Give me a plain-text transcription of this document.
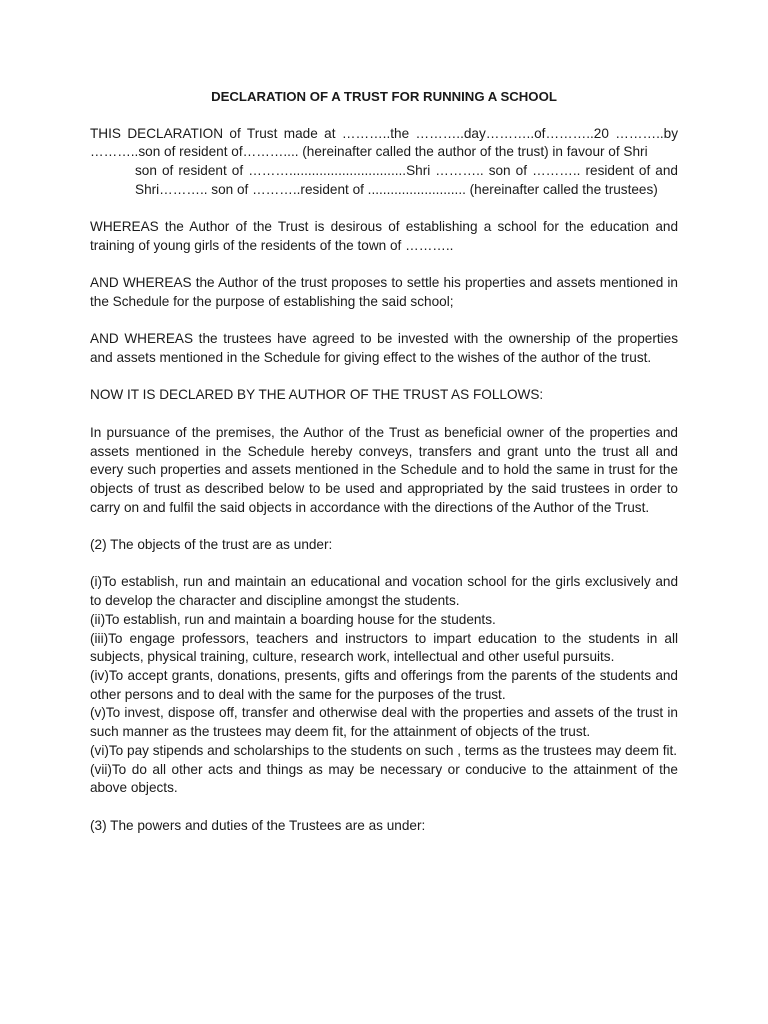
DECLARATION OF A TRUST FOR RUNNING A SCHOOL

THIS DECLARATION of Trust made at ………..the ………..day………..of………..20 ………..by ………..son of resident of……….... (hereinafter called the author of the trust) in favour of Shri

son of resident of ………...............................Shri ……….. son of ……….. resident of and Shri……….. son of ………..resident of .......................... (hereinafter called the trustees)

WHEREAS the Author of the Trust is desirous of establishing a school for the education and training of young girls of the residents of the town of ………..

AND WHEREAS the Author of the trust proposes to settle his properties and assets mentioned in the Schedule for the purpose of establishing the said school;

AND WHEREAS the trustees have agreed to be invested with the ownership of the properties and assets mentioned in the Schedule for giving effect to the wishes of the author of the trust.

NOW IT IS DECLARED BY THE AUTHOR OF THE TRUST AS FOLLOWS:

In pursuance of the premises, the Author of the Trust as beneficial owner of the properties and assets mentioned in the Schedule hereby conveys, transfers and grant unto the trust all and every such properties and assets mentioned in the Schedule and to hold the same in trust for the objects of trust as described below to be used and appropriated by the said trustees in order to carry on and fulfil the said objects in accordance with the directions of the Author of the Trust.

(2) The objects of the trust are as under:

(i)To establish, run and maintain an educational and vocation school for the girls exclusively and to develop the character and discipline amongst the students.

(ii)To establish, run and maintain a boarding house for the students.

(iii)To engage professors, teachers and instructors to impart education to the students in all subjects, physical training, culture, research work, intellectual and other useful pursuits.

(iv)To accept grants, donations, presents, gifts and offerings from the parents of the students and other persons and to deal with the same for the purposes of the trust.

(v)To invest, dispose off, transfer and otherwise deal with the properties and assets of the trust in such manner as the trustees may deem fit, for the attainment of objects of the trust.

(vi)To pay stipends and scholarships to the students on such , terms as the trustees may deem fit.

(vii)To do all other acts and things as may be necessary or conducive to the attainment of the above objects.

(3) The powers and duties of the Trustees are as under:
